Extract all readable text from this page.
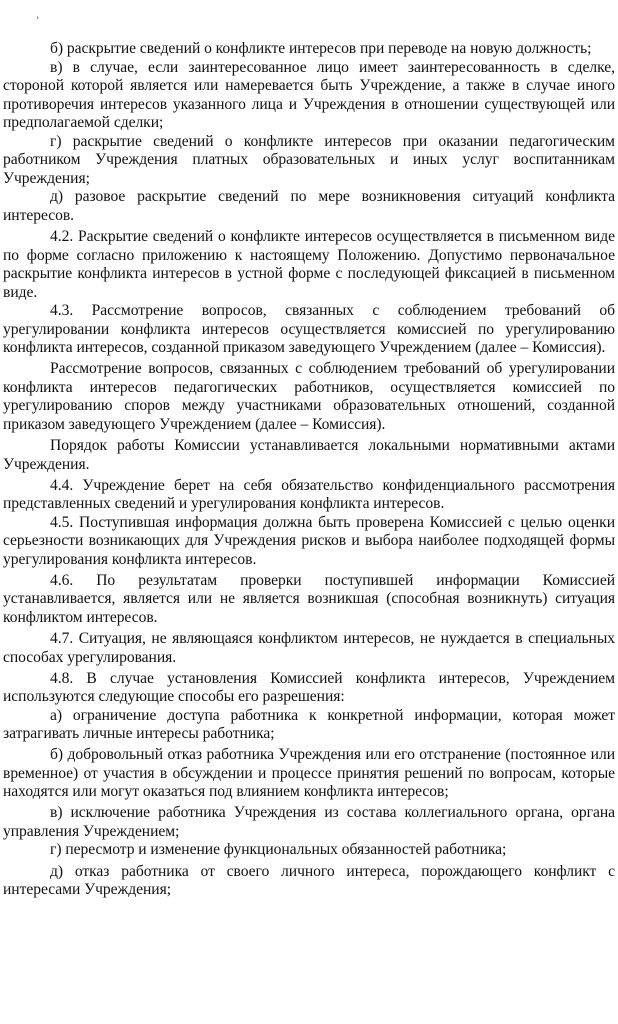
›

б) раскрытие сведений о конфликте интересов при переводе на новую должность;

в) в случае, если заинтересованное лицо имеет заинтересованность в сделке, стороной которой является или намеревается быть Учреждение, а также в случае иного противоречия интересов указанного лица и Учреждения в отношении существующей или предполагаемой сделки;

г) раскрытие сведений о конфликте интересов при оказании педагогическим работником Учреждения платных образовательных и иных услуг воспитанникам Учреждения;

д) разовое раскрытие сведений по мере возникновения ситуаций конфликта интересов.

4.2. Раскрытие сведений о конфликте интересов осуществляется в письменном виде по форме согласно приложению к настоящему Положению. Допустимо первоначальное раскрытие конфликта интересов в устной форме с последующей фиксацией в письменном виде.

4.3. Рассмотрение вопросов, связанных с соблюдением требований об урегулировании конфликта интересов осуществляется комиссией по урегулированию конфликта интересов, созданной приказом заведующего Учреждением (далее – Комиссия).

Рассмотрение вопросов, связанных с соблюдением требований об урегулировании конфликта интересов педагогических работников, осуществляется комиссией по урегулированию споров между участниками образовательных отношений, созданной приказом заведующего Учреждением (далее – Комиссия).

Порядок работы Комиссии устанавливается локальными нормативными актами Учреждения.

4.4. Учреждение берет на себя обязательство конфиденциального рассмотрения представленных сведений и урегулирования конфликта интересов.

4.5. Поступившая информация должна быть проверена Комиссией с целью оценки серьезности возникающих для Учреждения рисков и выбора наиболее подходящей формы урегулирования конфликта интересов.

4.6. По результатам проверки поступившей информации Комиссией устанавливается, является или не является возникшая (способная возникнуть) ситуация конфликтом интересов.

4.7. Ситуация, не являющаяся конфликтом интересов, не нуждается в специальных способах урегулирования.

4.8. В случае установления Комиссией конфликта интересов, Учреждением используются следующие способы его разрешения:

а) ограничение доступа работника к конкретной информации, которая может затрагивать личные интересы работника;

б) добровольный отказ работника Учреждения или его отстранение (постоянное или временное) от участия в обсуждении и процессе принятия решений по вопросам, которые находятся или могут оказаться под влиянием конфликта интересов;

в) исключение работника Учреждения из состава коллегиального органа, органа управления Учреждением;

г) пересмотр и изменение функциональных обязанностей работника;

д) отказ работника от своего личного интереса, порождающего конфликт с интересами Учреждения;
